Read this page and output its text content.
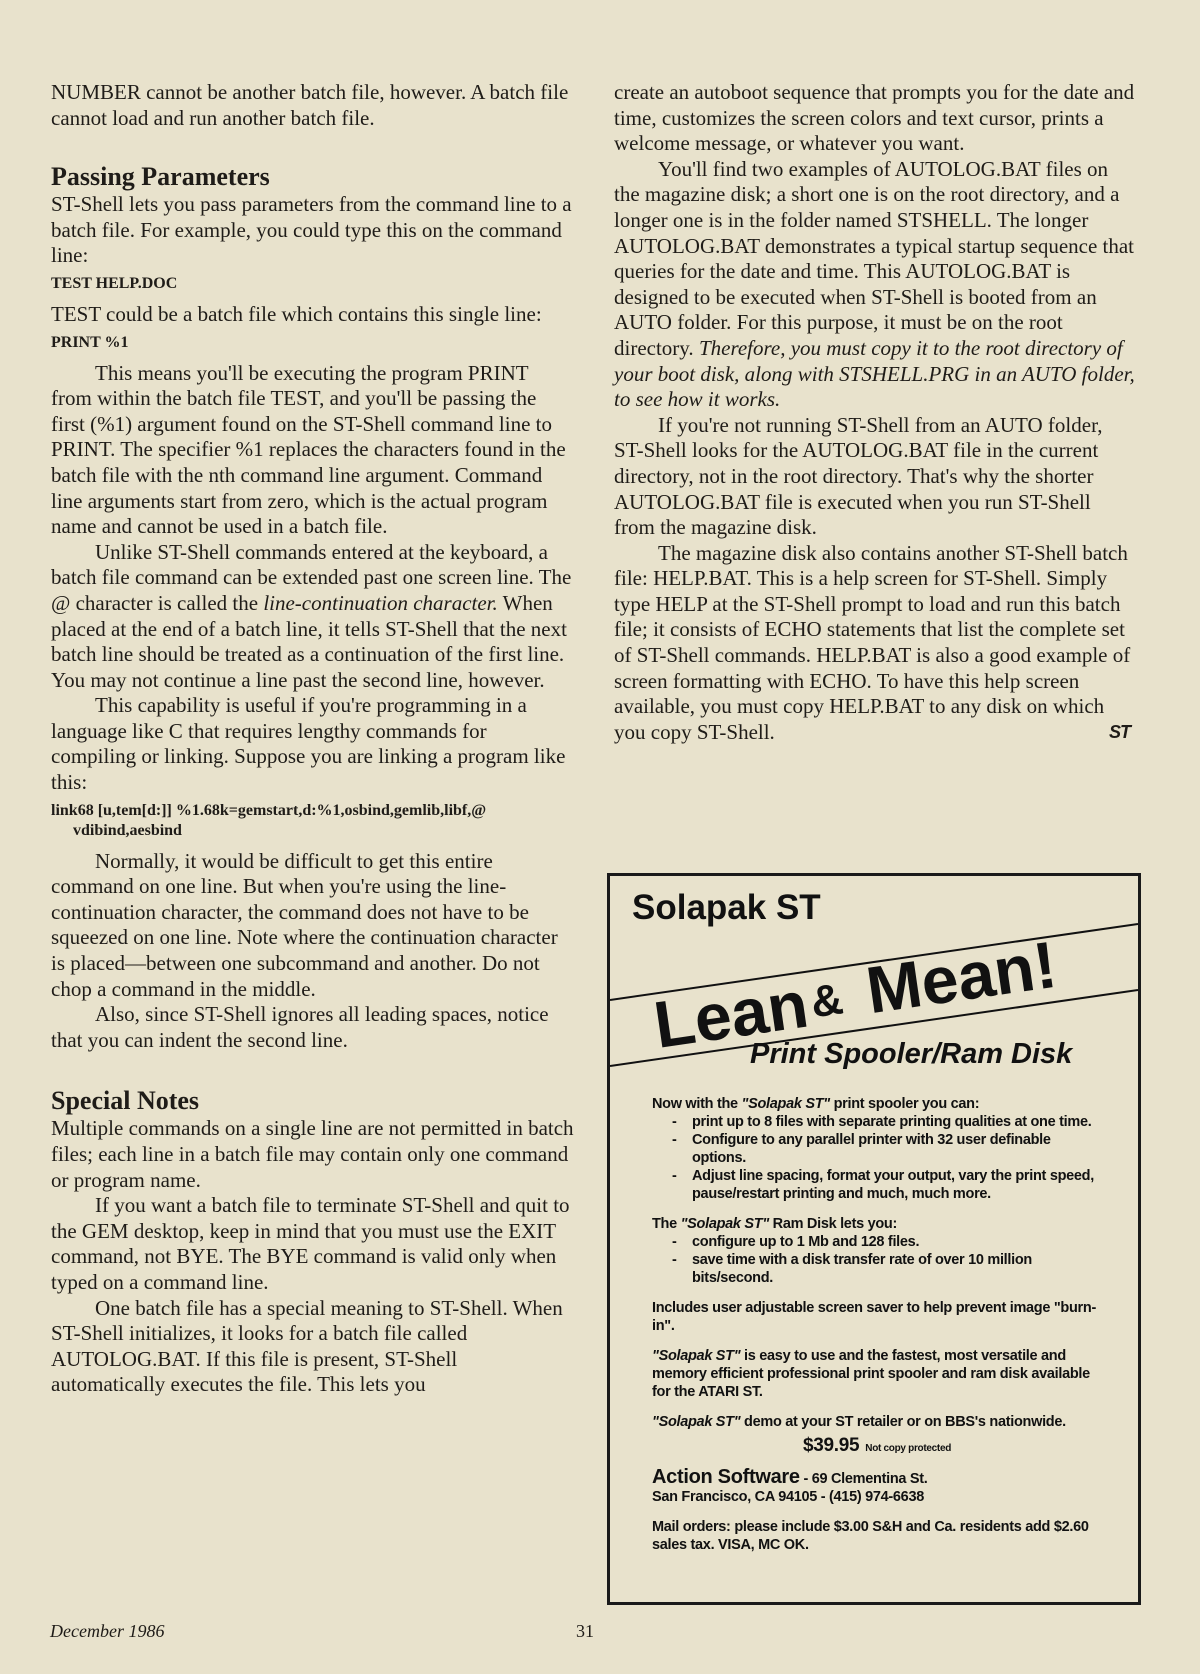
NUMBER cannot be another batch file, however. A batch file cannot load and run another batch file.

Passing Parameters

ST-Shell lets you pass parameters from the command line to a batch file. For example, you could type this on the command line:

TEST HELP.DOC

TEST could be a batch file which contains this single line:

PRINT %1

This means you'll be executing the program PRINT from within the batch file TEST, and you'll be passing the first (%1) argument found on the ST-Shell command line to PRINT. The specifier %1 replaces the characters found in the batch file with the nth command line argument. Command line arguments start from zero, which is the actual program name and cannot be used in a batch file.

Unlike ST-Shell commands entered at the keyboard, a batch file command can be extended past one screen line. The @ character is called the line-continuation character. When placed at the end of a batch line, it tells ST-Shell that the next batch line should be treated as a continuation of the first line. You may not continue a line past the second line, however.

This capability is useful if you're programming in a language like C that requires lengthy commands for compiling or linking. Suppose you are linking a program like this:

link68 [u,tem[d:]] %1.68k=gemstart,d:%1,osbind,gemlib,libf,@
vdibind,aesbind

Normally, it would be difficult to get this entire command on one line. But when you're using the line-continuation character, the command does not have to be squeezed on one line. Note where the continuation character is placed—between one subcommand and another. Do not chop a command in the middle.

Also, since ST-Shell ignores all leading spaces, notice that you can indent the second line.

Special Notes

Multiple commands on a single line are not permitted in batch files; each line in a batch file may contain only one command or program name.

If you want a batch file to terminate ST-Shell and quit to the GEM desktop, keep in mind that you must use the EXIT command, not BYE. The BYE command is valid only when typed on a command line.

One batch file has a special meaning to ST-Shell. When ST-Shell initializes, it looks for a batch file called AUTOLOG.BAT. If this file is present, ST-Shell automatically executes the file. This lets you

create an autoboot sequence that prompts you for the date and time, customizes the screen colors and text cursor, prints a welcome message, or whatever you want.

You'll find two examples of AUTOLOG.BAT files on the magazine disk; a short one is on the root directory, and a longer one is in the folder named STSHELL. The longer AUTOLOG.BAT demonstrates a typical startup sequence that queries for the date and time. This AUTOLOG.BAT is designed to be executed when ST-Shell is booted from an AUTO folder. For this purpose, it must be on the root directory. Therefore, you must copy it to the root directory of your boot disk, along with STSHELL.PRG in an AUTO folder, to see how it works.

If you're not running ST-Shell from an AUTO folder, ST-Shell looks for the AUTOLOG.BAT file in the current directory, not in the root directory. That's why the shorter AUTOLOG.BAT file is executed when you run ST-Shell from the magazine disk.

The magazine disk also contains another ST-Shell batch file: HELP.BAT. This is a help screen for ST-Shell. Simply type HELP at the ST-Shell prompt to load and run this batch file; it consists of ECHO statements that list the complete set of ST-Shell commands. HELP.BAT is also a good example of screen formatting with ECHO. To have this help screen available, you must copy HELP.BAT to any disk on which you copy ST-Shell.	ST

Lean
& Mean!
Solapak ST
Print Spooler/Ram Disk
Now with the "Solapak ST" print spooler you can:
-	print up to 8 files with separate printing qualities at one time.
-	Configure to any parallel printer with 32 user definable options.
-	Adjust line spacing, format your output, vary the print speed, pause/restart printing and much, much more.
The "Solapak ST" Ram Disk lets you:
-	configure up to 1 Mb and 128 files.
-	save time with a disk transfer rate of over 10 million bits/second.
Includes user adjustable screen saver to help prevent image "burn-in".
"Solapak ST" is easy to use and the fastest, most versatile and memory efficient professional print spooler and ram disk available for the ATARI ST.
"Solapak ST" demo at your ST retailer or on BBS's nationwide.
$39.95 Not copy protected
Action Software - 69 Clementina St.
San Francisco, CA 94105 - (415) 974-6638
Mail orders: please include $3.00 S&H and Ca. residents add $2.60 sales tax. VISA, MC OK.
December 1986	31
